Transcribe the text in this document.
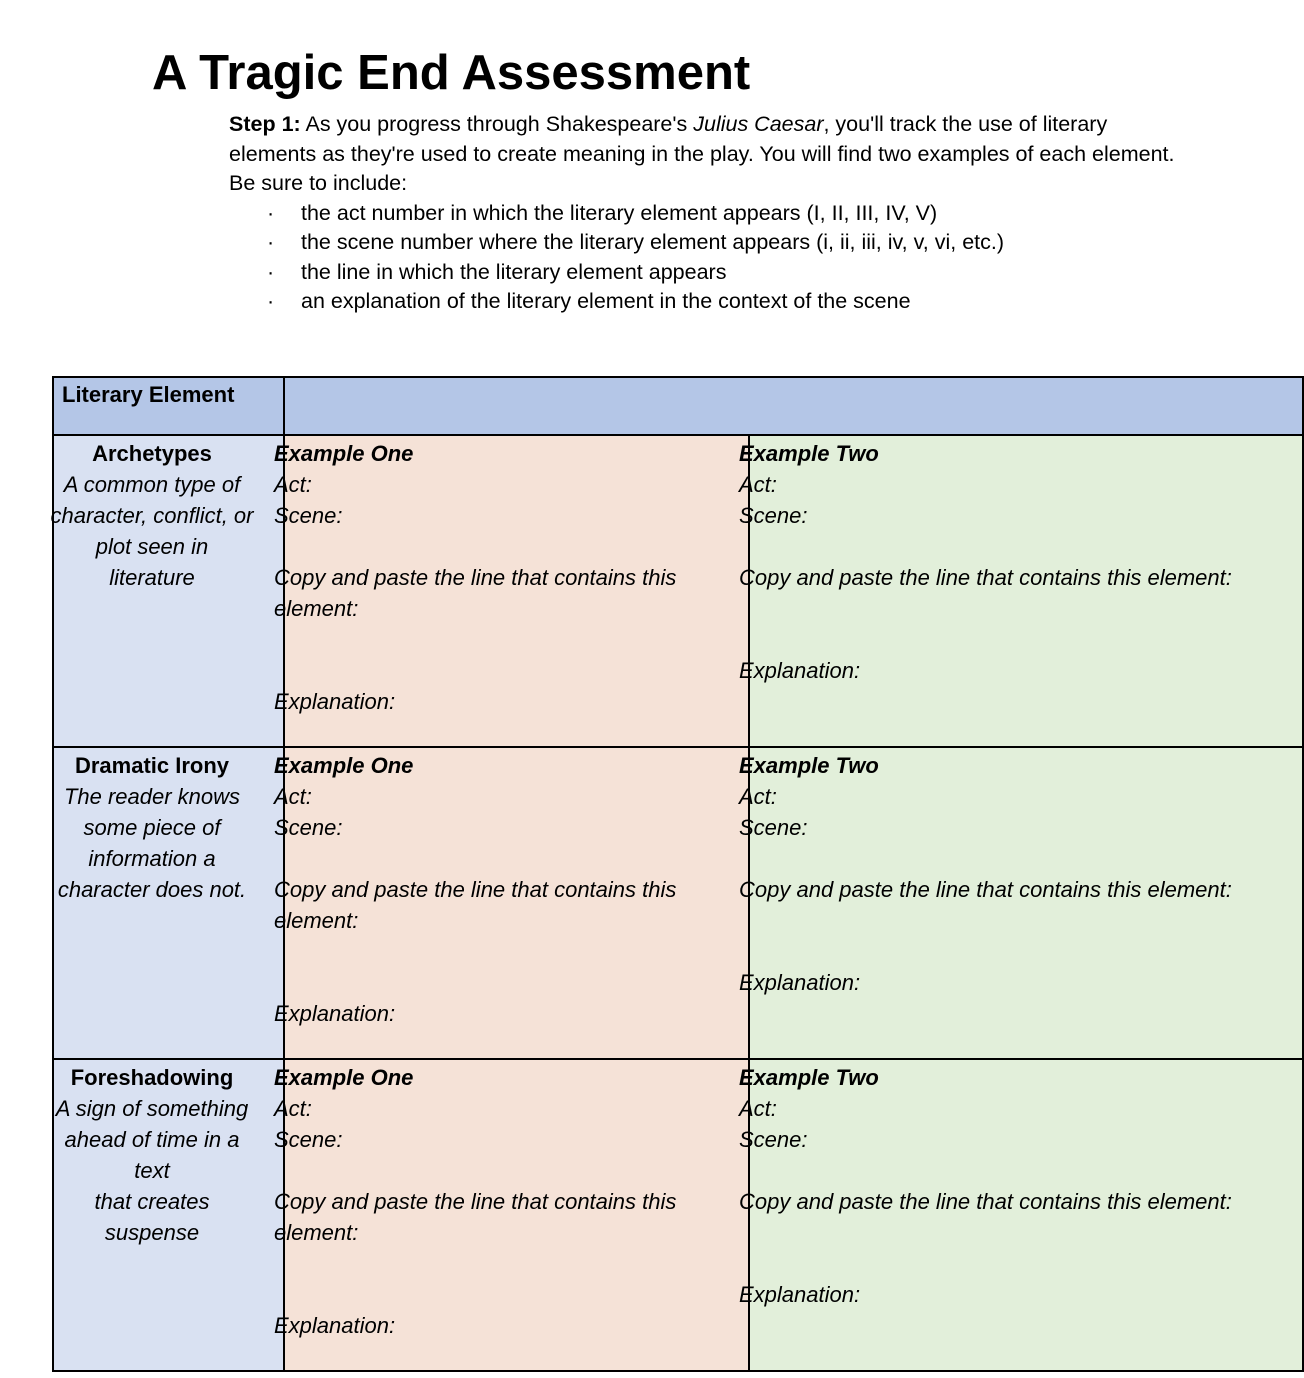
A Tragic End Assessment

Step 1: As you progress through Shakespeare's Julius Caesar, you'll track the use of literary elements as they're used to create meaning in the play. You will find two examples of each element. Be sure to include:

· the act number in which the literary element appears (I, II, III, IV, V)
· the scene number where the literary element appears (i, ii, iii, iv, v, vi, etc.)
· the line in which the literary element appears
· an explanation of the literary element in the context of the scene
Literary Element
Archetypes
A common type of
character, conflict, or
plot seen in literature
Example One
Act:
Scene:
Copy and paste the line that contains this
element:
Explanation:
Example Two
Act:
Scene:
Copy and paste the line that contains this element:
Explanation:
Dramatic Irony
The reader knows
some piece of
information a
character does not.
Example One
Act:
Scene:
Copy and paste the line that contains this
element:
Explanation:
Example Two
Act:
Scene:
Copy and paste the line that contains this element:
Explanation:
Foreshadowing
A sign of something
ahead of time in a text
that creates suspense
Example One
Act:
Scene:
Copy and paste the line that contains this
element:
Explanation:
Example Two
Act:
Scene:
Copy and paste the line that contains this element:
Explanation:
